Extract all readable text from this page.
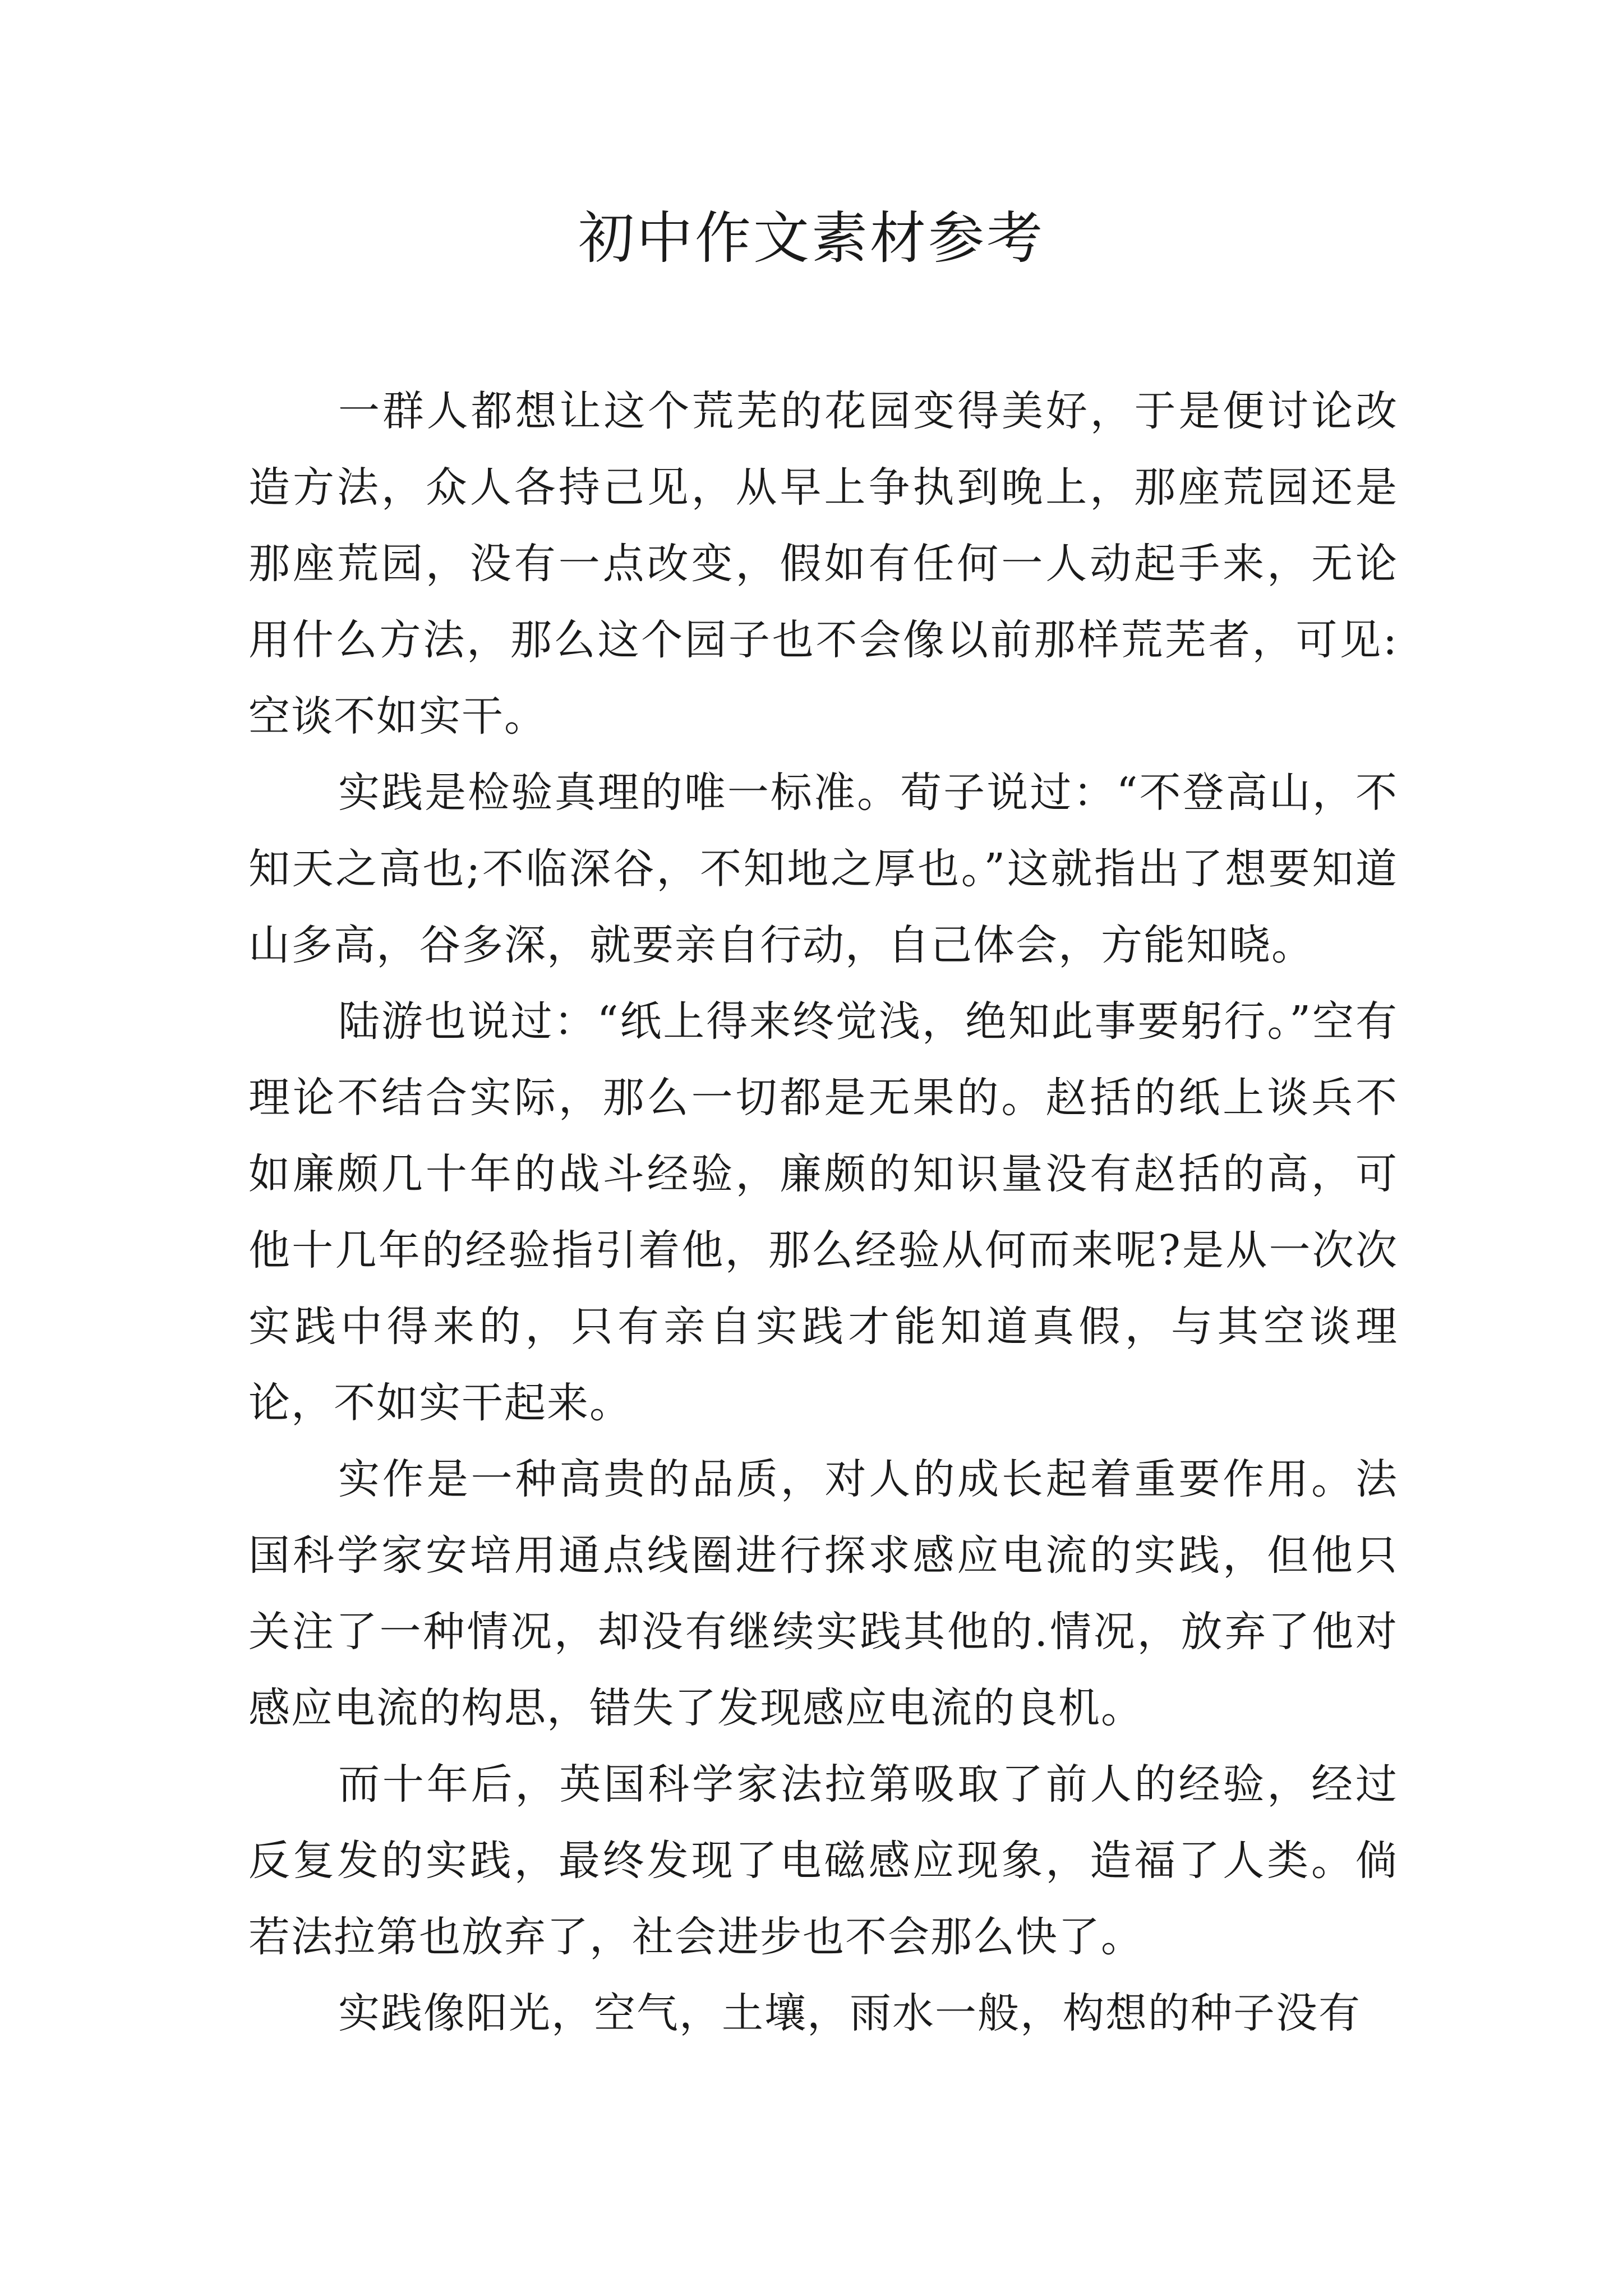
初中作文素材参考

一群人都想让这个荒芜的花园变得美好，于是便讨论改造方法，众人各持己见，从早上争执到晚上，那座荒园还是那座荒园，没有一点改变，假如有任何一人动起手来，无论用什么方法，那么这个园子也不会像以前那样荒芜者，可见:空谈不如实干。

实践是检验真理的唯一标准。荀子说过：“不登高山，不知天之高也;不临深谷，不知地之厚也。”这就指出了想要知道山多高，谷多深，就要亲自行动，自己体会，方能知晓。

陆游也说过：“纸上得来终觉浅，绝知此事要躬行。”空有理论不结合实际，那么一切都是无果的。赵括的纸上谈兵不如廉颇几十年的战斗经验，廉颇的知识量没有赵括的高，可他十几年的经验指引着他，那么经验从何而来呢?是从一次次实践中得来的，只有亲自实践才能知道真假，与其空谈理论，不如实干起来。

实作是一种高贵的品质，对人的成长起着重要作用。法国科学家安培用通点线圈进行探求感应电流的实践，但他只关注了一种情况，却没有继续实践其他的.情况，放弃了他对感应电流的构思，错失了发现感应电流的良机。

而十年后，英国科学家法拉第吸取了前人的经验，经过反复发的实践，最终发现了电磁感应现象，造福了人类。倘若法拉第也放弃了，社会进步也不会那么快了。

实践像阳光，空气，土壤，雨水一般，构想的种子没有
